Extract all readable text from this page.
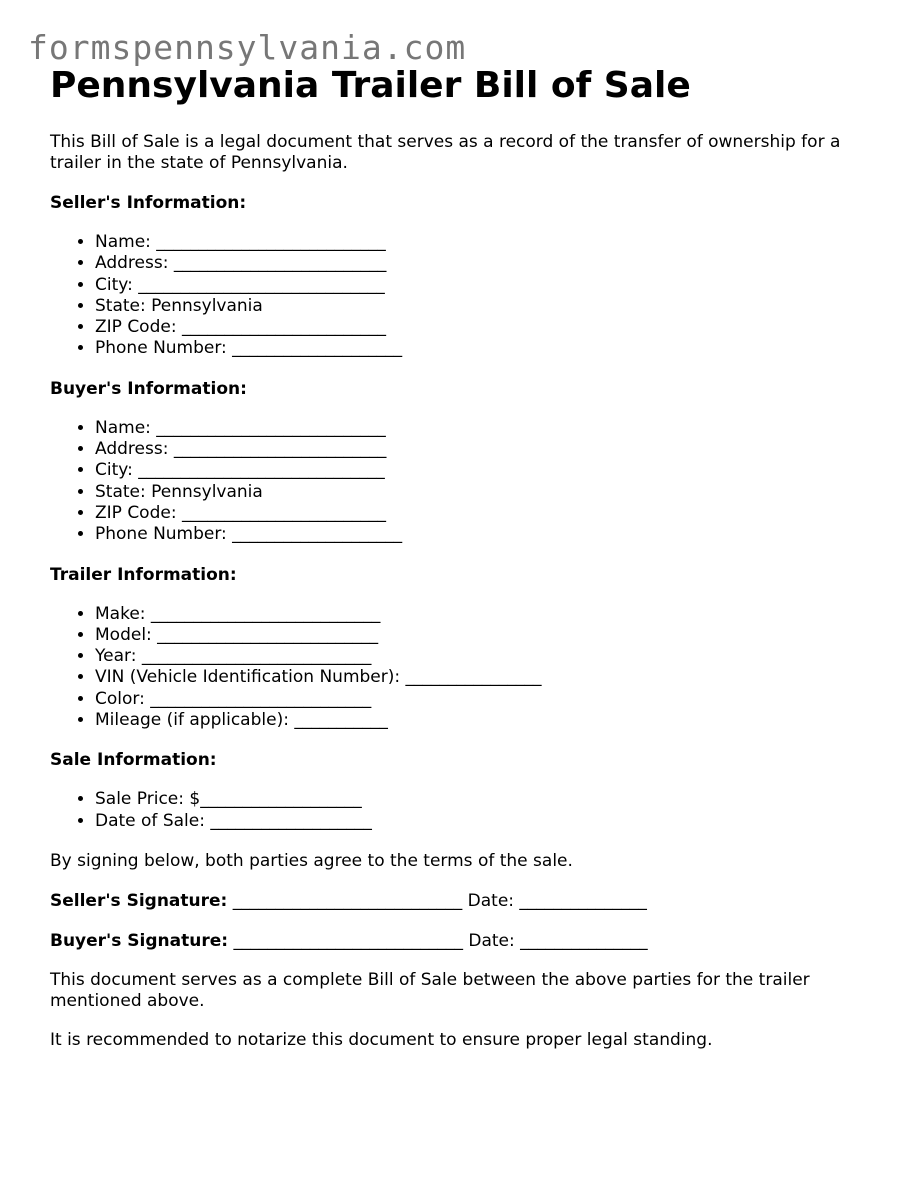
formspennsylvania.com
Pennsylvania Trailer Bill of Sale

This Bill of Sale is a legal document that serves as a record of the transfer of ownership for a trailer in the state of Pennsylvania.

Seller's Information:
• Name: ___________________________
• Address: _________________________
• City: _____________________________
• State: Pennsylvania
• ZIP Code: ________________________
• Phone Number: ____________________
Buyer's Information:
• Name: ___________________________
• Address: _________________________
• City: _____________________________
• State: Pennsylvania
• ZIP Code: ________________________
• Phone Number: ____________________
Trailer Information:
• Make: ___________________________
• Model: __________________________
• Year: ___________________________
• VIN (Vehicle Identification Number): ________________
• Color: __________________________
• Mileage (if applicable): ___________
Sale Information:
• Sale Price: $___________________
• Date of Sale: ___________________

By signing below, both parties agree to the terms of the sale.

Seller's Signature: ___________________________ Date: _______________

Buyer's Signature: ___________________________ Date: _______________

This document serves as a complete Bill of Sale between the above parties for the trailer mentioned above.

It is recommended to notarize this document to ensure proper legal standing.
